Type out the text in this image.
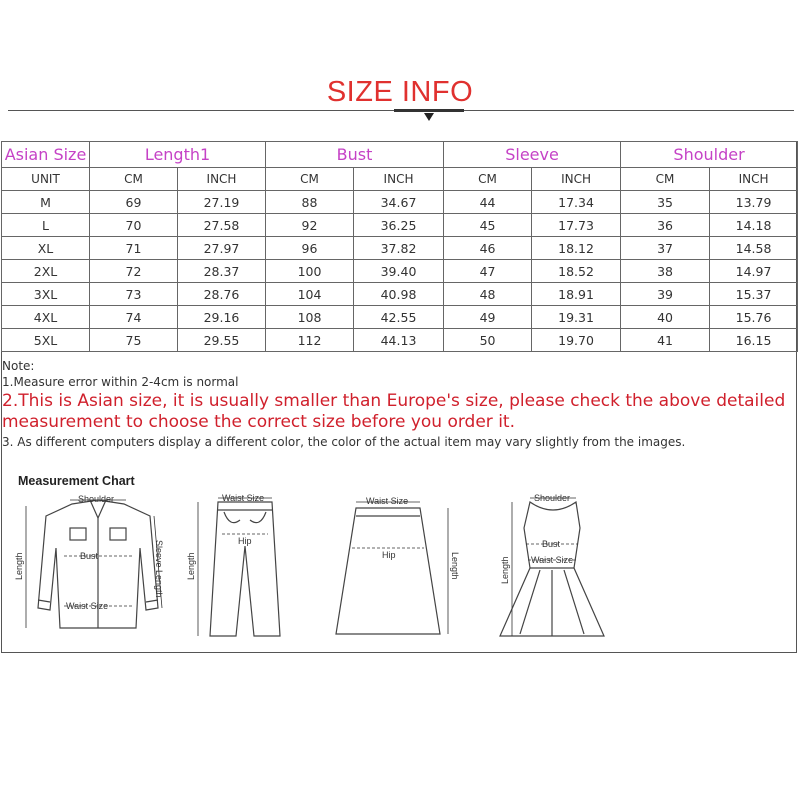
SIZE INFO
Asian Size	Length1		Bust		Sleeve		Shoulder	
UNIT	CM	INCH	CM	INCH	CM	INCH	CM	INCH
M	69	27.19	88	34.67	44	17.34	35	13.79
L	70	27.58	92	36.25	45	17.73	36	14.18
XL	71	27.97	96	37.82	46	18.12	37	14.58
2XL	72	28.37	100	39.40	47	18.52	38	14.97
3XL	73	28.76	104	40.98	48	18.91	39	15.37
4XL	74	29.16	108	42.55	49	19.31	40	15.76
5XL	75	29.55	112	44.13	50	19.70	41	16.15
Note:
1.Measure error within 2-4cm is normal
2.This is Asian size, it is usually smaller than Europe's size, please check the above detailed measurement to choose the correct size before you order it.
3. As different computers display a different color, the color of the actual item may vary slightly from the images.
Measurement Chart
Shoulder
Bust
Waist Size
Length	Sleeve Length
Waist Size
Hip
Length
Waist Size
Hip	Length
Shoulder
Bust
Waist Size
Length
